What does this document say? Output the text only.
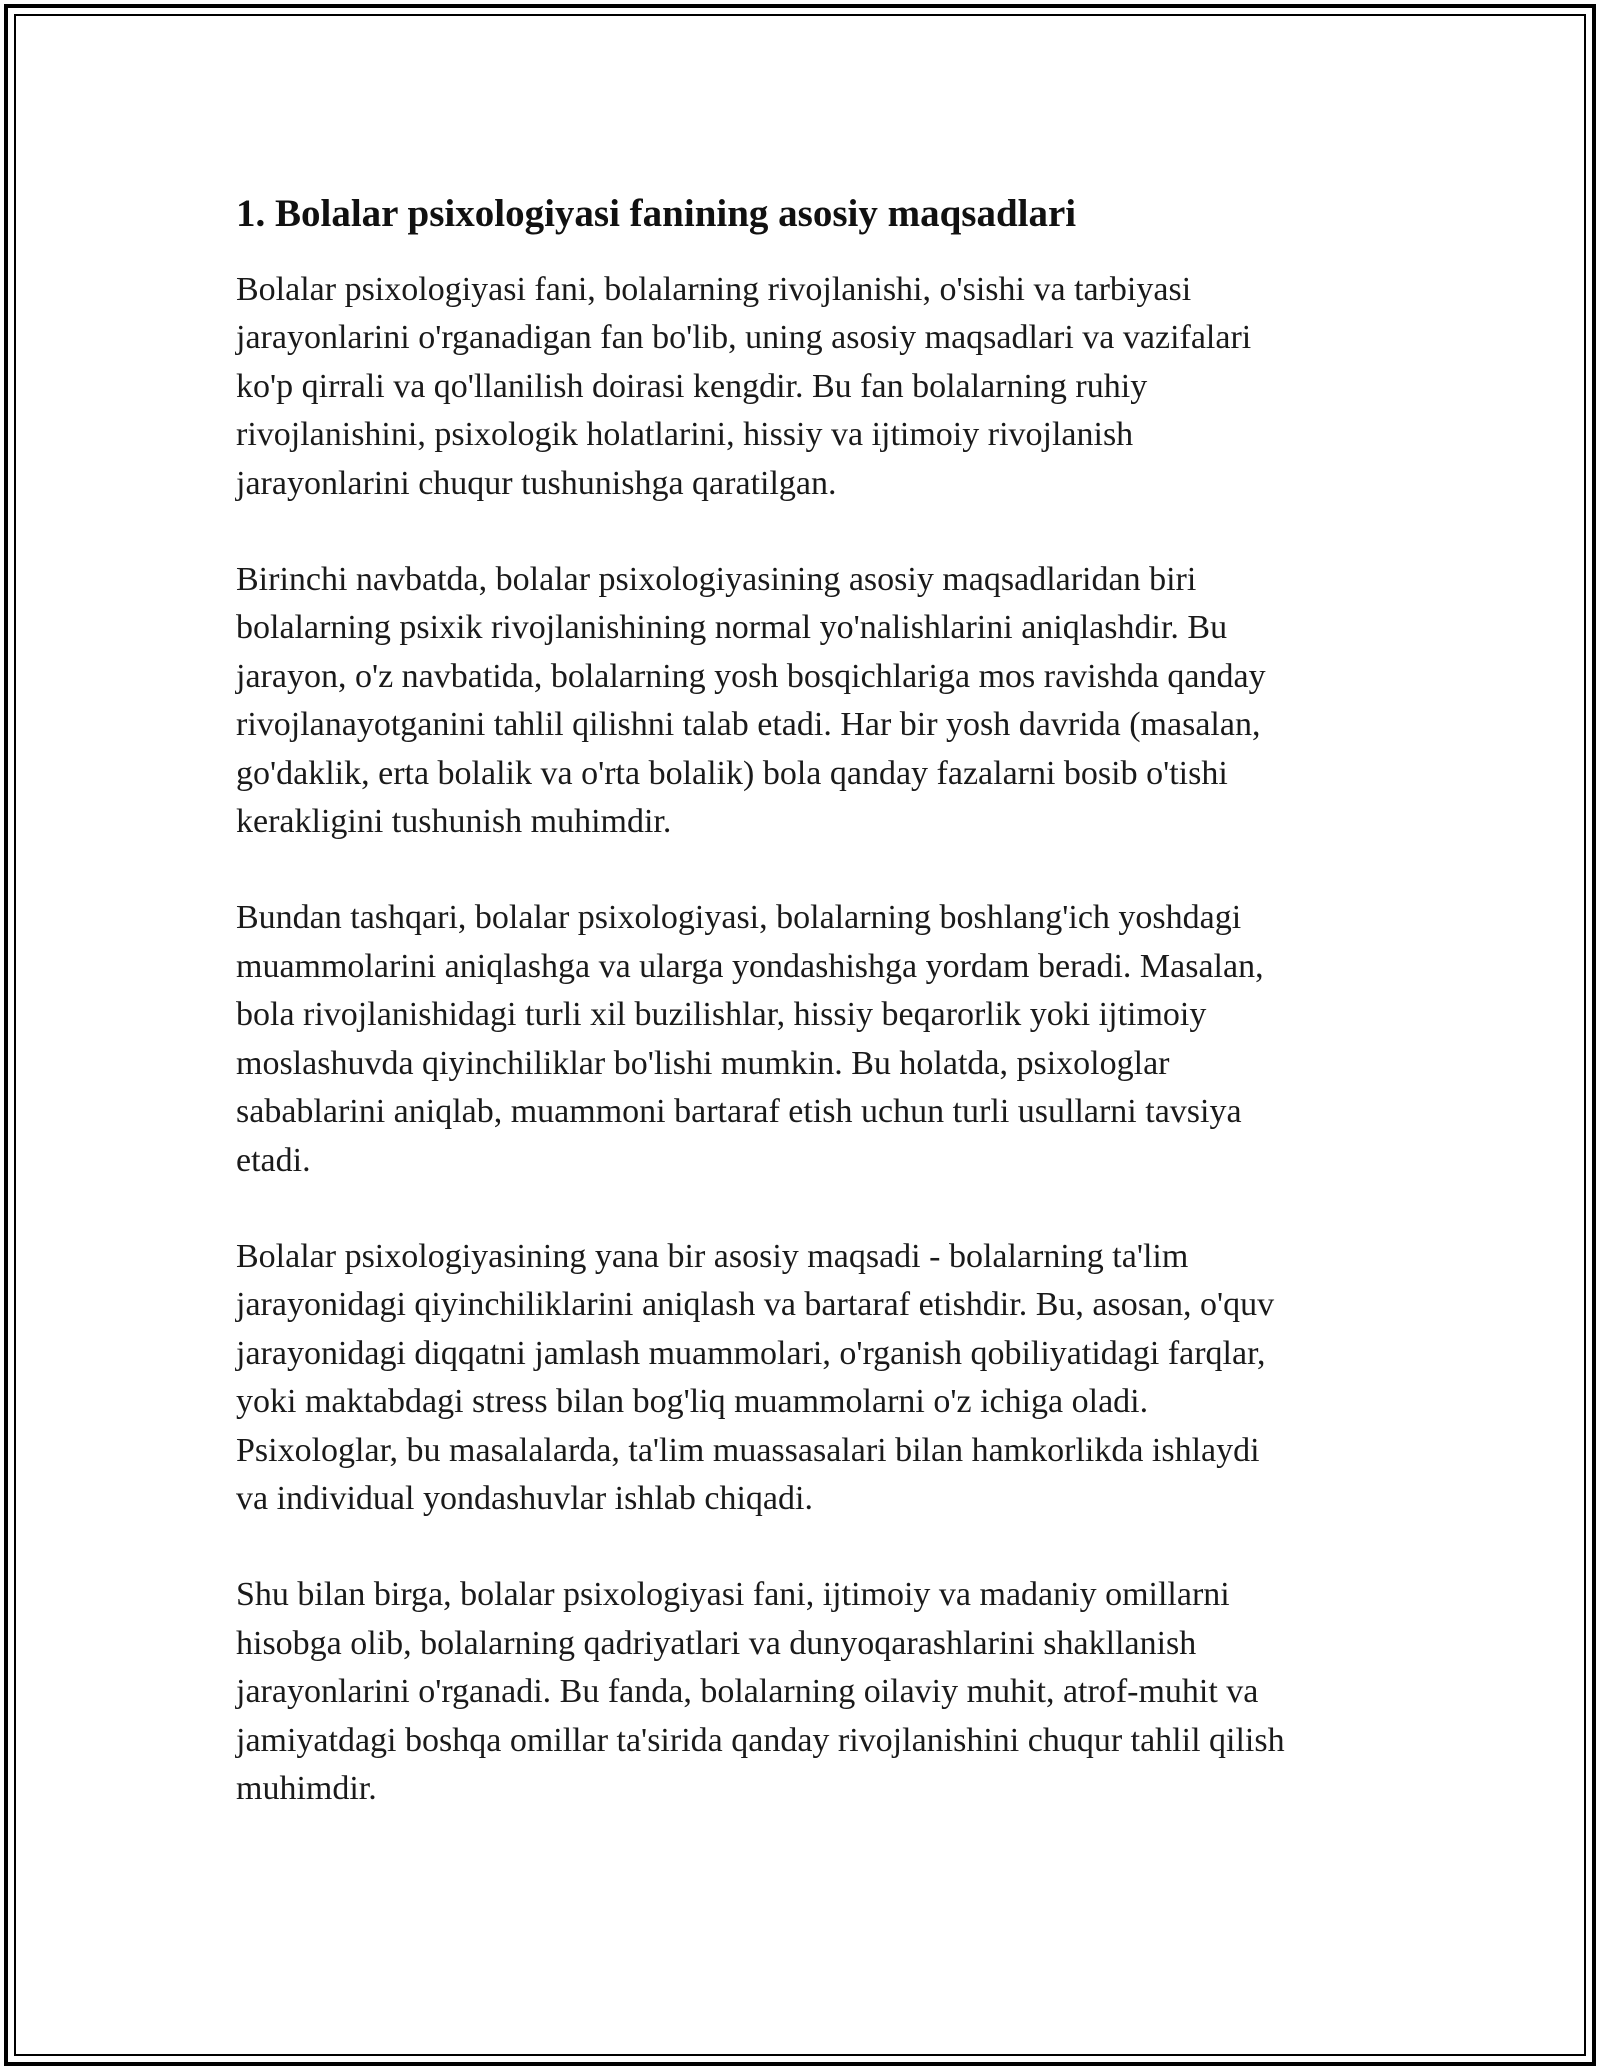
1. Bolalar psixologiyasi fanining asosiy maqsadlari

Bolalar psixologiyasi fani, bolalarning rivojlanishi, o'sishi va tarbiyasi
jarayonlarini o'rganadigan fan bo'lib, uning asosiy maqsadlari va vazifalari
ko'p qirrali va qo'llanilish doirasi kengdir. Bu fan bolalarning ruhiy
rivojlanishini, psixologik holatlarini, hissiy va ijtimoiy rivojlanish
jarayonlarini chuqur tushunishga qaratilgan.

Birinchi navbatda, bolalar psixologiyasining asosiy maqsadlaridan biri
bolalarning psixik rivojlanishining normal yo'nalishlarini aniqlashdir. Bu
jarayon, o'z navbatida, bolalarning yosh bosqichlariga mos ravishda qanday
rivojlanayotganini tahlil qilishni talab etadi. Har bir yosh davrida (masalan,
go'daklik, erta bolalik va o'rta bolalik) bola qanday fazalarni bosib o'tishi
kerakligini tushunish muhimdir.

Bundan tashqari, bolalar psixologiyasi, bolalarning boshlang'ich yoshdagi
muammolarini aniqlashga va ularga yondashishga yordam beradi. Masalan,
bola rivojlanishidagi turli xil buzilishlar, hissiy beqarorlik yoki ijtimoiy
moslashuvda qiyinchiliklar bo'lishi mumkin. Bu holatda, psixologlar
sabablarini aniqlab, muammoni bartaraf etish uchun turli usullarni tavsiya
etadi.

Bolalar psixologiyasining yana bir asosiy maqsadi - bolalarning ta'lim
jarayonidagi qiyinchiliklarini aniqlash va bartaraf etishdir. Bu, asosan, o'quv
jarayonidagi diqqatni jamlash muammolari, o'rganish qobiliyatidagi farqlar,
yoki maktabdagi stress bilan bog'liq muammolarni o'z ichiga oladi.
Psixologlar, bu masalalarda, ta'lim muassasalari bilan hamkorlikda ishlaydi
va individual yondashuvlar ishlab chiqadi.

Shu bilan birga, bolalar psixologiyasi fani, ijtimoiy va madaniy omillarni
hisobga olib, bolalarning qadriyatlari va dunyoqarashlarini shakllanish
jarayonlarini o'rganadi. Bu fanda, bolalarning oilaviy muhit, atrof-muhit va
jamiyatdagi boshqa omillar ta'sirida qanday rivojlanishini chuqur tahlil qilish
muhimdir.
